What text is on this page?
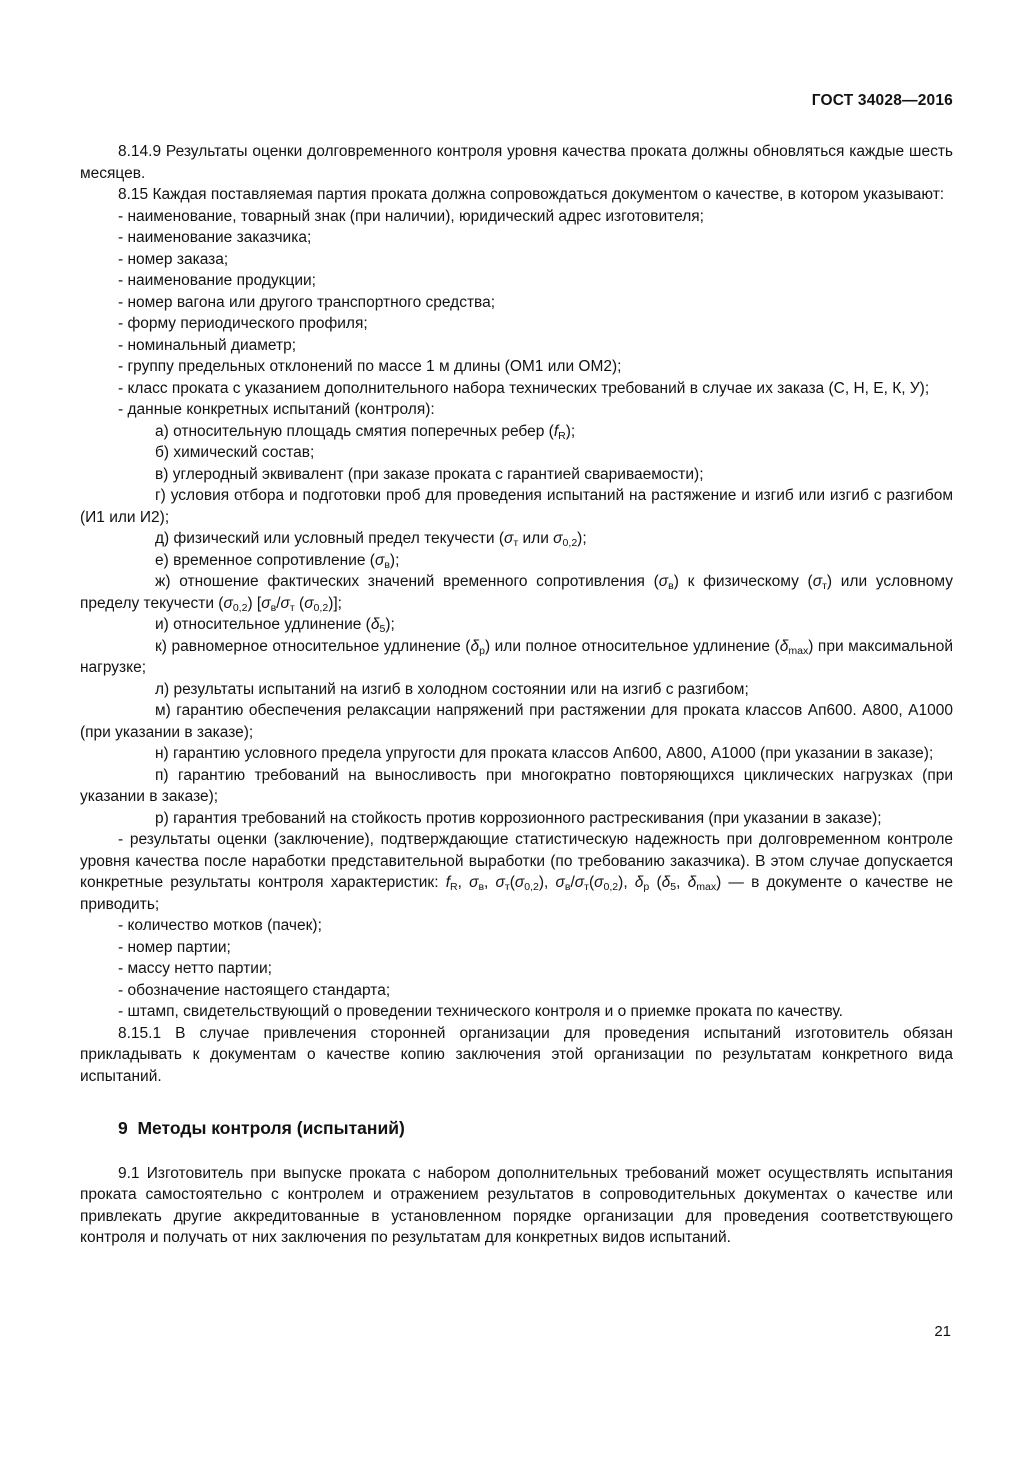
ГОСТ 34028—2016

8.14.9 Результаты оценки долговременного контроля уровня качества проката должны обновляться каждые шесть месяцев.

8.15 Каждая поставляемая партия проката должна сопровождаться документом о качестве, в котором указывают:

- наименование, товарный знак (при наличии), юридический адрес изготовителя;

- наименование заказчика;

- номер заказа;

- наименование продукции;

- номер вагона или другого транспортного средства;

- форму периодического профиля;

- номинальный диаметр;

- группу предельных отклонений по массе 1 м длины (ОМ1 или ОМ2);

- класс проката с указанием дополнительного набора технических требований в случае их заказа (С, Н, Е, К, У);

- данные конкретных испытаний (контроля):

а) относительную площадь смятия поперечных ребер $(f_R)$;

б) химический состав;

в) углеродный эквивалент (при заказе проката с гарантией свариваемости);

г) условия отбора и подготовки проб для проведения испытаний на растяжение и изгиб или изгиб с разгибом (И1 или И2);

д) физический или условный предел текучести ($\sigma_т$ или $\sigma_{0,2}$);

е) временное сопротивление $(\sigma_в)$;

ж) отношение фактических значений временного сопротивления $(\sigma_в)$ к физическому $(\sigma_т)$ или условному пределу текучести $(\sigma_{0,2})$ [$\sigma_в/\sigma_т$ $(\sigma_{0,2})$];

и) относительное удлинение $(\delta_5)$;

к) равномерное относительное удлинение $(\delta_р)$ или полное относительное удлинение $(\delta_{max})$ при максимальной нагрузке;

л) результаты испытаний на изгиб в холодном состоянии или на изгиб с разгибом;

м) гарантию обеспечения релаксации напряжений при растяжении для проката классов Ап600. А800, А1000 (при указании в заказе);

н) гарантию условного предела упругости для проката классов Ап600, А800, А1000 (при указании в заказе);

п) гарантию требований на выносливость при многократно повторяющихся циклических нагрузках (при указании в заказе);

р) гарантия требований на стойкость против коррозионного растрескивания (при указании в заказе);

- результаты оценки (заключение), подтверждающие статистическую надежность при долговременном контроле уровня качества после наработки представительной выработки (по требованию заказчика). В этом случае допускается конкретные результаты контроля характеристик: $f_R$, $\sigma_в$, $\sigma_т(\sigma_{0,2})$, $\sigma_в/\sigma_т(\sigma_{0,2})$, $\delta_р$ ($\delta_5$, $\delta_{max}$) — в документе о качестве не приводить;

- количество мотков (пачек);

- номер партии;

- массу нетто партии;

- обозначение настоящего стандарта;

- штамп, свидетельствующий о проведении технического контроля и о приемке проката по качеству.

8.15.1 В случае привлечения сторонней организации для проведения испытаний изготовитель обязан прикладывать к документам о качестве копию заключения этой организации по результатам конкретного вида испытаний.

9  Методы контроля (испытаний)

9.1 Изготовитель при выпуске проката с набором дополнительных требований может осуществлять испытания проката самостоятельно с контролем и отражением результатов в сопроводительных документах о качестве или привлекать другие аккредитованные в установленном порядке организации для проведения соответствующего контроля и получать от них заключения по результатам для конкретных видов испытаний.

21
